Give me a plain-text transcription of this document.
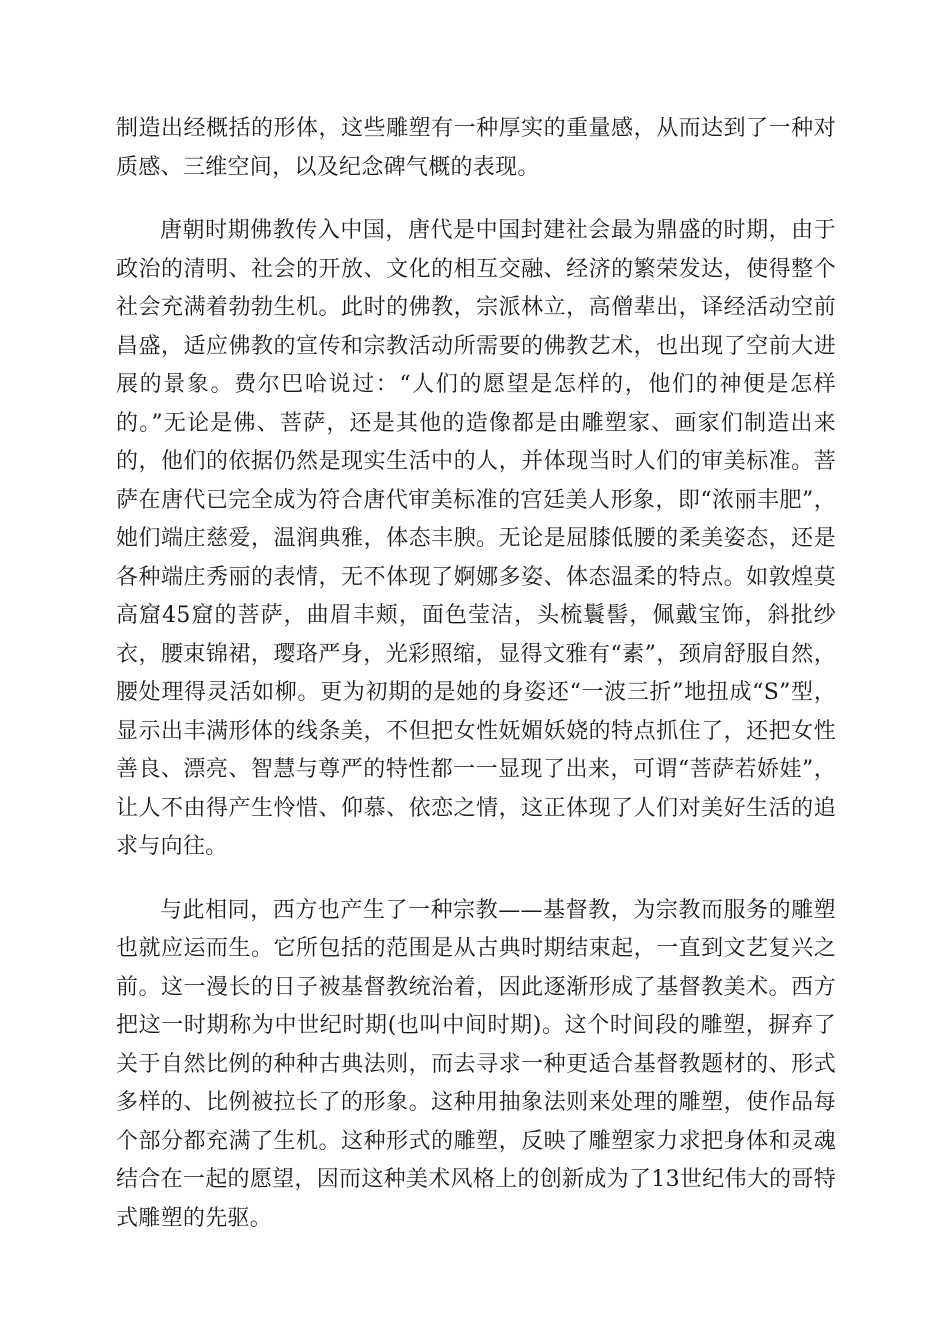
制造出经概括的形体，这些雕塑有一种厚实的重量感，从而达到了一种对质感、三维空间，以及纪念碑气概的表现。

唐朝时期佛教传入中国，唐代是中国封建社会最为鼎盛的时期，由于政治的清明、社会的开放、文化的相互交融、经济的繁荣发达，使得整个社会充满着勃勃生机。此时的佛教，宗派林立，高僧辈出，译经活动空前昌盛，适应佛教的宣传和宗教活动所需要的佛教艺术，也出现了空前大进展的景象。费尔巴哈说过：“人们的愿望是怎样的，他们的神便是怎样的。”无论是佛、菩萨，还是其他的造像都是由雕塑家、画家们制造出来的，他们的依据仍然是现实生活中的人，并体现当时人们的审美标准。菩萨在唐代已完全成为符合唐代审美标准的宫廷美人形象，即“浓丽丰肥”，她们端庄慈爱，温润典雅，体态丰腴。无论是屈膝低腰的柔美姿态，还是各种端庄秀丽的表情，无不体现了婀娜多姿、体态温柔的特点。如敦煌莫高窟45窟的菩萨，曲眉丰颊，面色莹洁，头梳鬟髻，佩戴宝饰，斜批纱衣，腰束锦裙，璎珞严身，光彩照缩，显得文雅有“素”，颈肩舒服自然，腰处理得灵活如柳。更为初期的是她的身姿还“一波三折”地扭成“S”型，显示出丰满形体的线条美，不但把女性妩媚妖娆的特点抓住了，还把女性善良、漂亮、智慧与尊严的特性都一一显现了出来，可谓“菩萨若娇娃”，让人不由得产生怜惜、仰慕、依恋之情，这正体现了人们对美好生活的追求与向往。

与此相同，西方也产生了一种宗教——基督教，为宗教而服务的雕塑也就应运而生。它所包括的范围是从古典时期结束起，一直到文艺复兴之前。这一漫长的日子被基督教统治着，因此逐渐形成了基督教美术。西方把这一时期称为中世纪时期(也叫中间时期)。这个时间段的雕塑，摒弃了关于自然比例的种种古典法则，而去寻求一种更适合基督教题材的、形式多样的、比例被拉长了的形象。这种用抽象法则来处理的雕塑，使作品每个部分都充满了生机。这种形式的雕塑，反映了雕塑家力求把身体和灵魂结合在一起的愿望，因而这种美术风格上的创新成为了13世纪伟大的哥特式雕塑的先驱。
